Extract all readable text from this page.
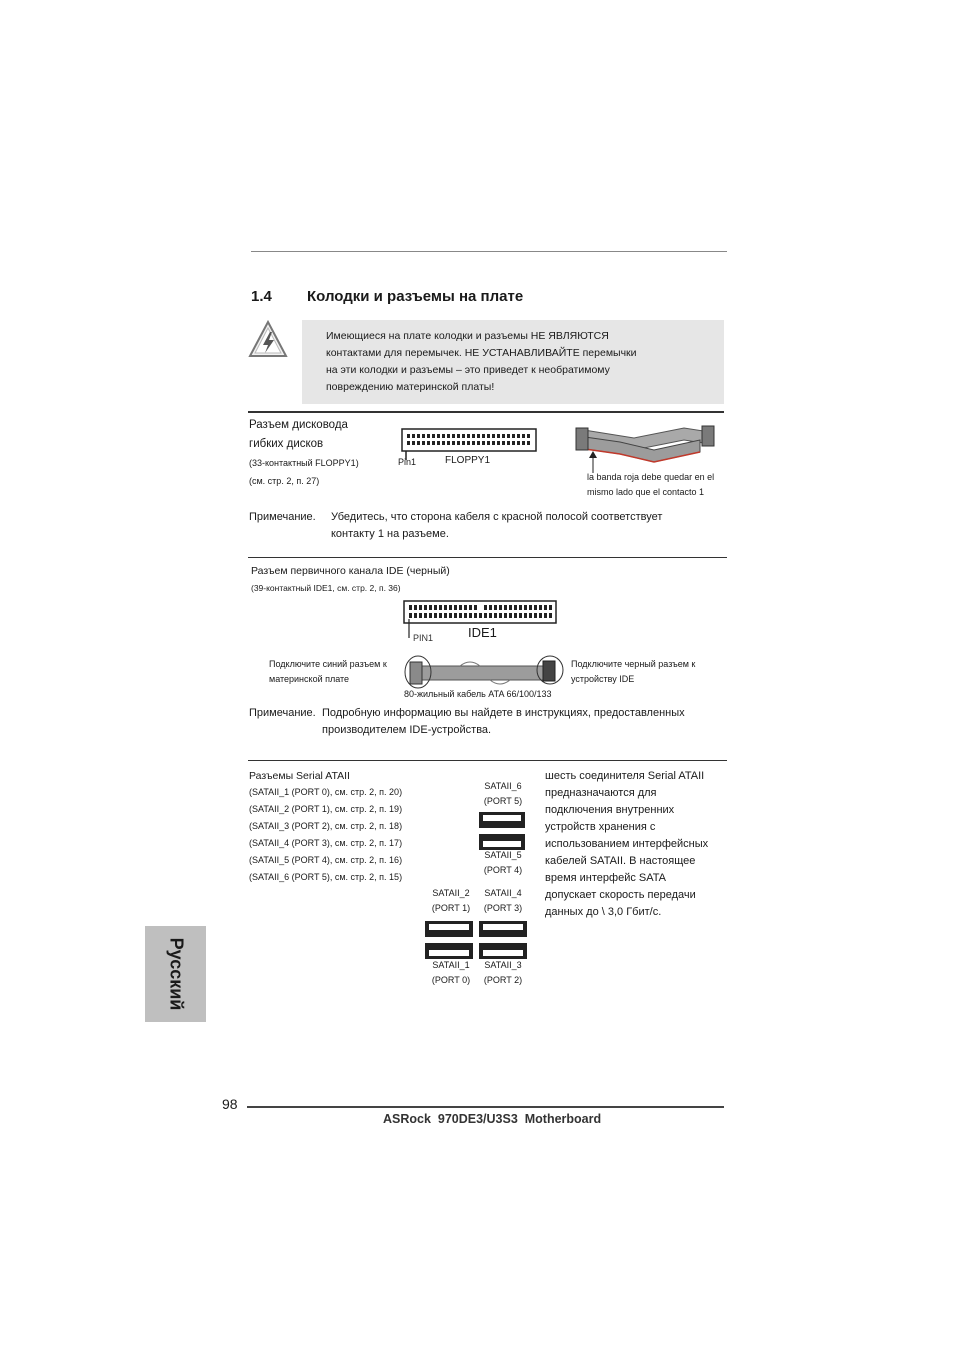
1.4 Колодки и разъемы на плате
Имеющиеся на плате колодки и разъемы НЕ ЯВЛЯЮТСЯ
контактами для перемычек. НЕ УСТАНАВЛИВАЙТЕ перемычки
на эти колодки и разъемы – это приведет к необратимому
повреждению материнской платы!
Разъем дисковода
гибких дисков
(33-контактный FLOPPY1)
(см. стр. 2, п. 27)
Pin1	FLOPPY1
la banda roja debe quedar en el
mismo lado que el contacto 1
Примечание. Убедитесь, что сторона кабеля с красной полосой соответствует
контакту 1 на разъеме.
Разъем первичного канала IDE (черный)
(39-контактный IDE1, см. стр. 2, п. 36)
PIN1	IDE1
Подключите синий разъем к
материнской плате
Подключите черный разъем к
устройству IDE
80-жильный кабель ATA 66/100/133
Примечание. Подробную информацию вы найдете в инструкциях, предоставленных
производителем IDE-устройства.
Разъемы Serial ATAII
(SATAII_1 (PORT 0), см. стр. 2, п. 20)
(SATAII_2 (PORT 1), см. стр. 2, п. 19)
(SATAII_3 (PORT 2), см. стр. 2, п. 18)
(SATAII_4 (PORT 3), см. стр. 2, п. 17)
(SATAII_5 (PORT 4), см. стр. 2, п. 16)
(SATAII_6 (PORT 5), см. стр. 2, п. 15)
SATAII_6
(PORT 5)
SATAII_5
(PORT 4)
SATAII_2
(PORT 1)
SATAII_4
(PORT 3)
SATAII_1
(PORT 0)
SATAII_3
(PORT 2)
шесть соединителя Serial ATAII
предназначаются для
подключения внутренних
устройств хранения с
использованием интерфейсных
кабелей SATAII. В настоящее
время интерфейс SATA
допускает скорость передачи
данных до \ 3,0 Гбит/с.
Русский
98
ASRock  970DE3/U3S3  Motherboard
